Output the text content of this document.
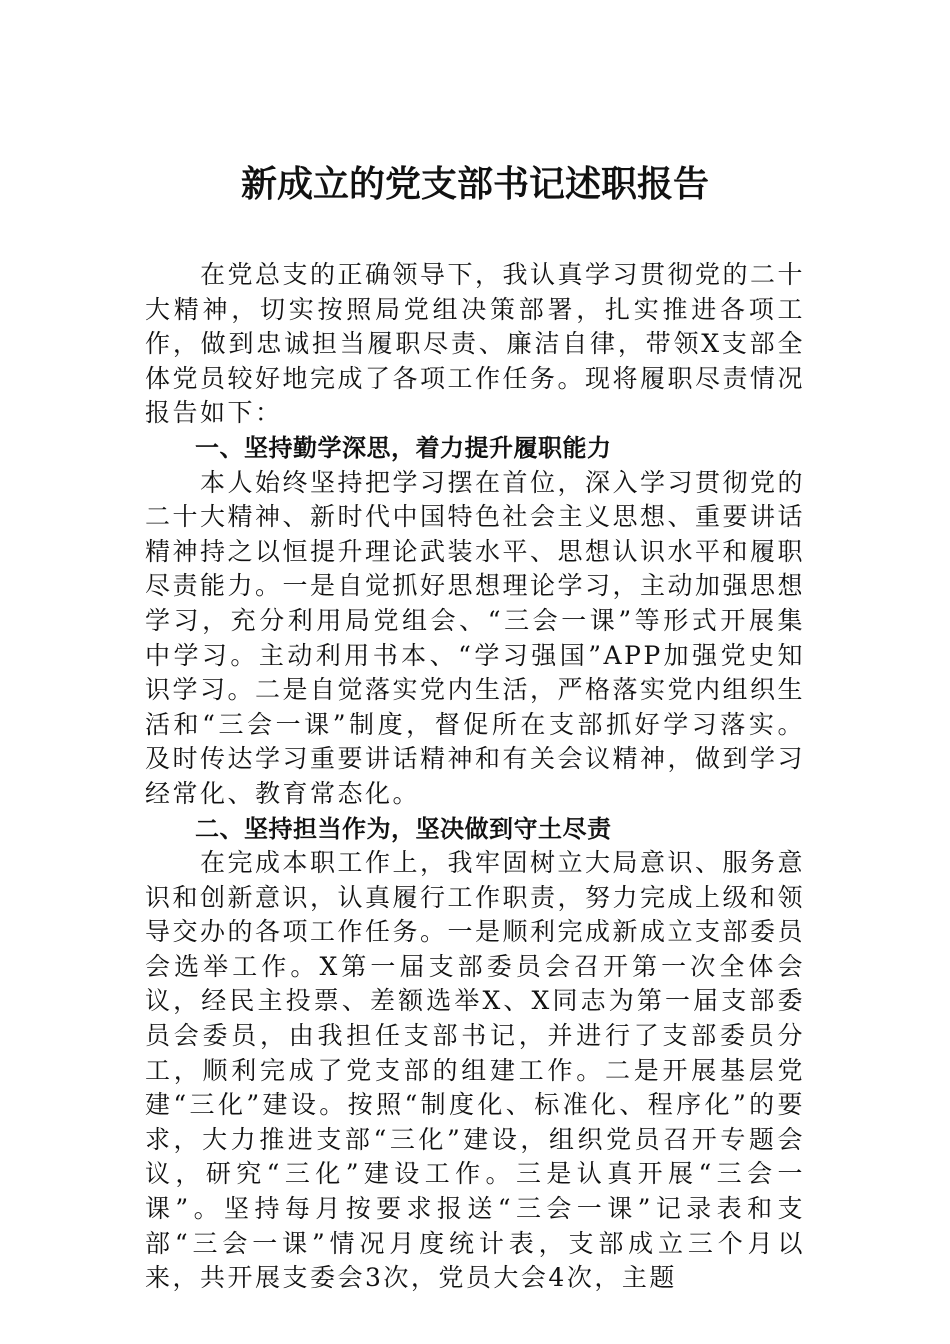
新成立的党支部书记述职报告

在党总支的正确领导下，我认真学习贯彻党的二十大精神，切实按照局党组决策部署，扎实推进各项工作，做到忠诚担当履职尽责、廉洁自律，带领X支部全体党员较好地完成了各项工作任务。现将履职尽责情况报告如下：

一、坚持勤学深思，着力提升履职能力

本人始终坚持把学习摆在首位，深入学习贯彻党的二十大精神、新时代中国特色社会主义思想、重要讲话精神持之以恒提升理论武装水平、思想认识水平和履职尽责能力。一是自觉抓好思想理论学习，主动加强思想学习，充分利用局党组会、“三会一课”等形式开展集中学习。主动利用书本、“学习强国”APP加强党史知识学习。二是自觉落实党内生活，严格落实党内组织生活和“三会一课”制度，督促所在支部抓好学习落实。及时传达学习重要讲话精神和有关会议精神，做到学习经常化、教育常态化。

二、坚持担当作为，坚决做到守土尽责

在完成本职工作上，我牢固树立大局意识、服务意识和创新意识，认真履行工作职责，努力完成上级和领导交办的各项工作任务。一是顺利完成新成立支部委员会选举工作。X第一届支部委员会召开第一次全体会议，经民主投票、差额选举X、X同志为第一届支部委员会委员，由我担任支部书记，并进行了支部委员分工，顺利完成了党支部的组建工作。二是开展基层党建“三化”建设。按照“制度化、标准化、程序化”的要求，大力推进支部“三化”建设，组织党员召开专题会议，研究“三化”建设工作。三是认真开展“三会一课”。坚持每月按要求报送“三会一课”记录表和支部“三会一课”情况月度统计表，支部成立三个月以来，共开展支委会3次，党员大会4次，主题
